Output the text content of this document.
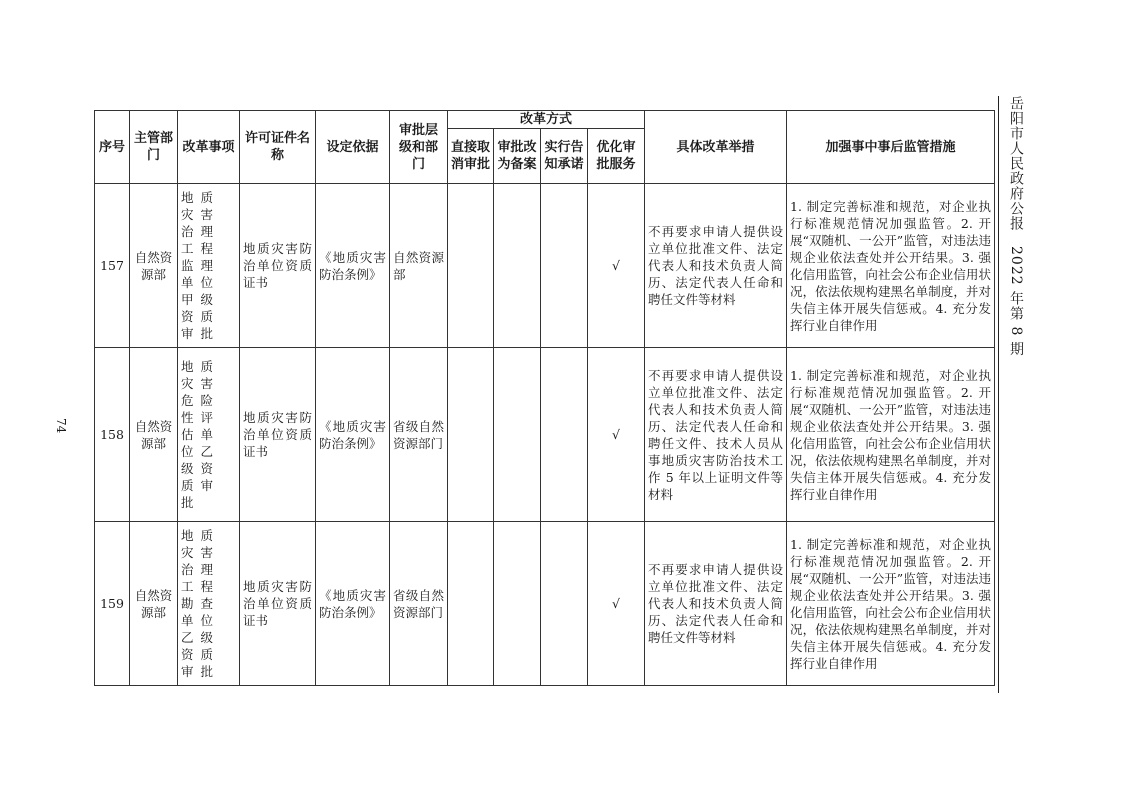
74
岳阳市人民政府公报　2022 年第 8 期
序号	主管部门	改革事项	许可证件名称	设定依据	审批层级和部门	改革方式				具体改革举措	加强事中事后监管措施
						直接取消审批	审批改为备案	实行告知承诺	优化审批服务		
157	自然资源部	地质灾害治理工程监理单位甲级资质审批	地质灾害防治单位资质证书	《地质灾害防治条例》	自然资源部				√	不再要求申请人提供设立单位批准文件、法定代表人和技术负责人简历、法定代表人任命和聘任文件等材料	1. 制定完善标准和规范，对企业执行标准规范情况加强监管。2. 开展“双随机、一公开”监管，对违法违规企业依法查处并公开结果。3. 强化信用监管，向社会公布企业信用状况，依法依规构建黑名单制度，并对失信主体开展失信惩戒。4. 充分发挥行业自律作用
158	自然资源部	地质灾害危险性评估单位乙级资质审批	地质灾害防治单位资质证书	《地质灾害防治条例》	省级自然资源部门				√	不再要求申请人提供设立单位批准文件、法定代表人和技术负责人简历、法定代表人任命和聘任文件、技术人员从事地质灾害防治技术工作 5 年以上证明文件等材料	1. 制定完善标准和规范，对企业执行标准规范情况加强监管。2. 开展“双随机、一公开”监管，对违法违规企业依法查处并公开结果。3. 强化信用监管，向社会公布企业信用状况，依法依规构建黑名单制度，并对失信主体开展失信惩戒。4. 充分发挥行业自律作用
159	自然资源部	地质灾害治理工程勘查单位乙级资质审批	地质灾害防治单位资质证书	《地质灾害防治条例》	省级自然资源部门				√	不再要求申请人提供设立单位批准文件、法定代表人和技术负责人简历、法定代表人任命和聘任文件等材料	1. 制定完善标准和规范，对企业执行标准规范情况加强监管。2. 开展“双随机、一公开”监管，对违法违规企业依法查处并公开结果。3. 强化信用监管，向社会公布企业信用状况，依法依规构建黑名单制度，并对失信主体开展失信惩戒。4. 充分发挥行业自律作用
